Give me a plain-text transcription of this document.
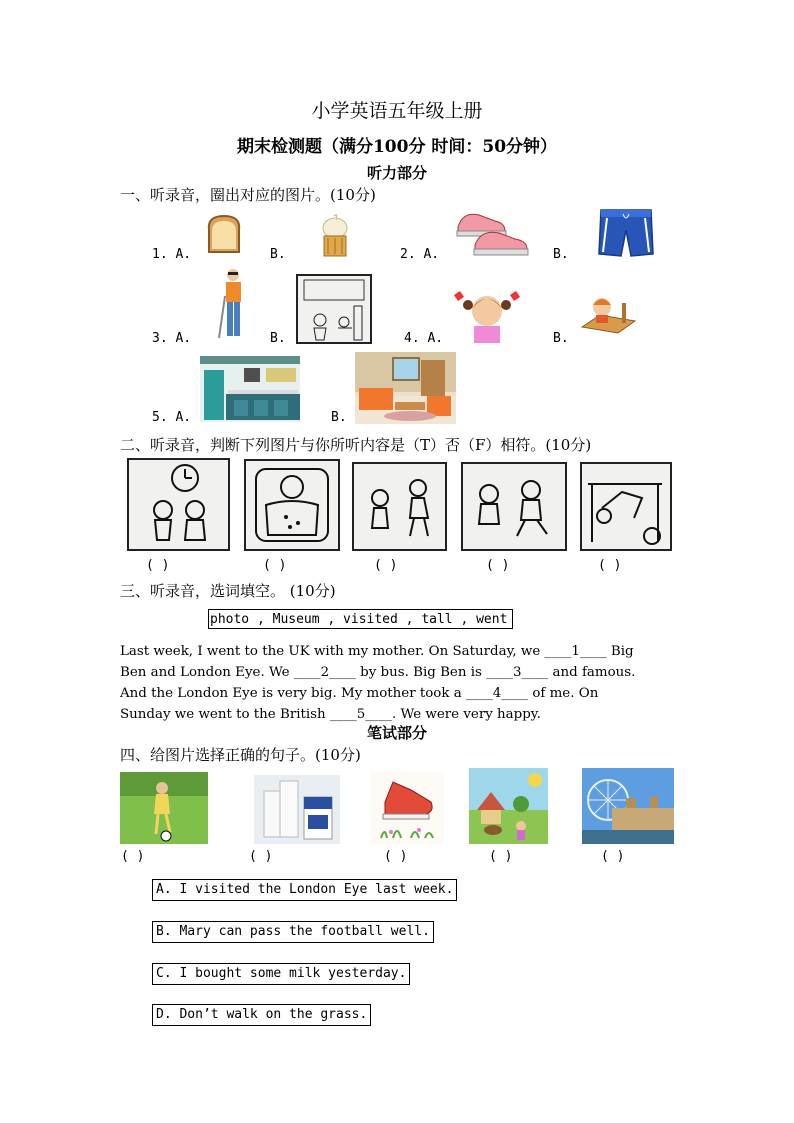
小学英语五年级上册
期末检测题（满分100分 时间：50分钟）
听力部分
一、听录音，圈出对应的图片。(10分)
1. A.	B.	2. A.	B.
3. A.	B.	4. A.	B.
5. A.	B.
二、听录音，判断下列图片与你所听内容是（T）否（F）相符。(10分)
( )	( )	( )	( )	( )
三、听录音，选词填空。 (10分)
photo , Museum , visited , tall , went
Last week, I went to the UK with my mother. On Saturday, we ____1____ Big
Ben and London Eye. We ____2____ by bus. Big Ben is ____3____ and famous.
And the London Eye is very big. My mother took a ____4____ of me. On
Sunday we went to the British ____5____. We were very happy.
笔试部分
四、给图片选择正确的句子。(10分)
( )	( )	( )	( )	( )
A. I visited the London Eye last week.
B. Mary can pass the football well.
C. I bought some milk yesterday.
D. Don’t walk on the grass.
